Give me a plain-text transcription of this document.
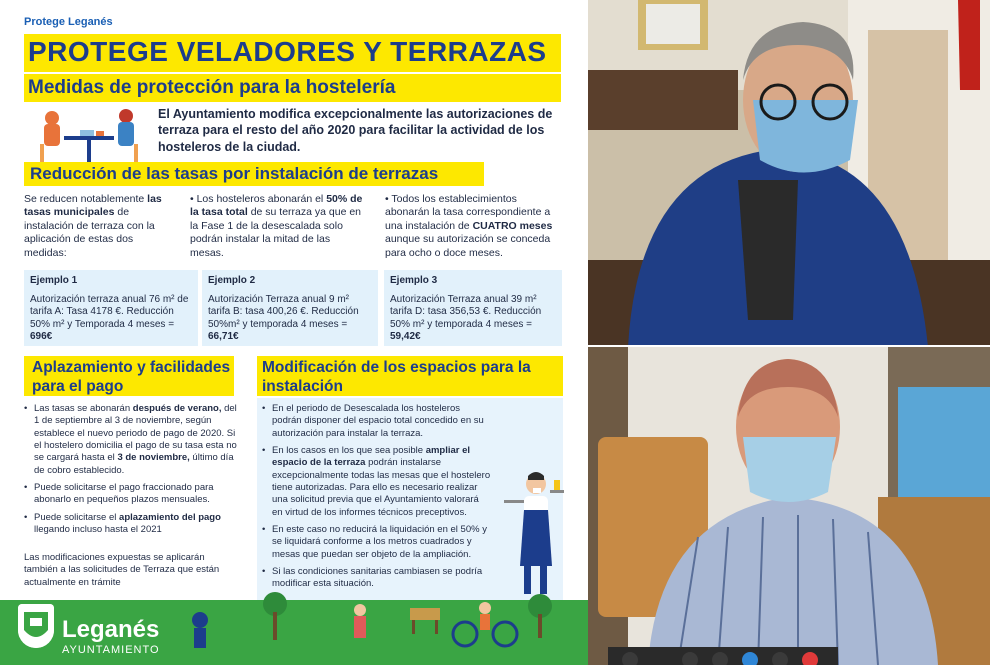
Protege Leganés
PROTEGE VELADORES Y TERRAZAS
Medidas de protección para la hostelería
El Ayuntamiento modifica excepcionalmente las autorizaciones de terraza para el resto del año 2020 para facilitar la actividad de los hosteleros de la ciudad.
Reducción de las tasas por instalación de terrazas
Se reducen notablemente las tasas municipales de instalación de terraza con la aplicación de estas dos medidas:
• Los hosteleros abonarán el 50% de la tasa total de su terraza ya que en la Fase 1 de la desescalada solo podrán instalar la mitad de las mesas.
• Todos los establecimientos abonarán la tasa correspondiente a una instalación de CUATRO meses aunque su autorización se conceda para ocho o doce meses.
Ejemplo 1
Autorización terraza anual 76 m² de tarifa A: Tasa 4178 €. Reducción 50% m² y Temporada 4 meses =
696€
Ejemplo 2
Autorización Terraza anual 9 m² tarifa B: tasa 400,26 €. Reducción 50%m² y temporada 4 meses =
66,71€
Ejemplo 3
Autorización Terraza anual 39 m² tarifa D: tasa 356,53 €. Reducción 50% m² y temporada 4 meses =
59,42€
Aplazamiento y facilidades para el pago
Modificación de los espacios para la instalación
• Las tasas se abonarán después de verano, del 1 de septiembre al 3 de noviembre, según establece el nuevo periodo de pago de 2020. Si el hostelero domicilia el pago de su tasa esta no se cargará hasta el 3 de noviembre, último día de cobro establecido.
• Puede solicitarse el pago fraccionado para abonarlo en pequeños plazos mensuales.
• Puede solicitarse el aplazamiento del pago llegando incluso hasta el 2021
Las modificaciones expuestas se aplicarán también a las solicitudes de Terraza que están actualmente en trámite
• En el periodo de Desescalada los hosteleros podrán disponer del espacio total concedido en su autorización para instalar la terraza.
• En los casos en los que sea posible ampliar el espacio de la terraza podrán instalarse excepcionalmente todas las mesas que el hostelero tiene autorizadas. Para ello es necesario realizar una solicitud previa que el Ayuntamiento valorará en virtud de los informes técnicos preceptivos.
• En este caso no reducirá la liquidación en el 50% y se liquidará conforme a los metros cuadrados y mesas que puedan ser objeto de la ampliación.
• Si las condiciones sanitarias cambiasen se podría modificar esta situación.
Leganés
AYUNTAMIENTO
